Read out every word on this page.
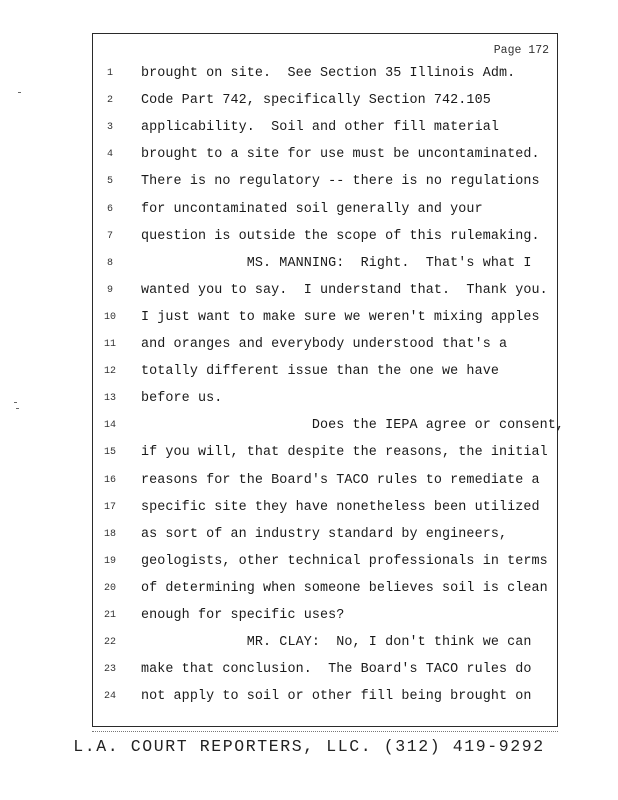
Page 172
1	brought on site.  See Section 35 Illinois Adm.
2	Code Part 742, specifically Section 742.105
3	applicability.  Soil and other fill material
4	brought to a site for use must be uncontaminated.
5	There is no regulatory -- there is no regulations
6	for uncontaminated soil generally and your
7	question is outside the scope of this rulemaking.
8	MS. MANNING:  Right.  That's what I
9	wanted you to say.  I understand that.  Thank you.
10 I just want to make sure we weren't mixing apples
11 and oranges and everybody understood that's a
12 totally different issue than the one we have
13 before us.
14 Does the IEPA agree or consent,
15 if you will, that despite the reasons, the initial
16 reasons for the Board's TACO rules to remediate a
17 specific site they have nonetheless been utilized
18 as sort of an industry standard by engineers,
19 geologists, other technical professionals in terms
20 of determining when someone believes soil is clean
21 enough for specific uses?
22 MR. CLAY:  No, I don't think we can
23 make that conclusion.  The Board's TACO rules do
24 not apply to soil or other fill being brought on
L.A. COURT REPORTERS, LLC. (312) 419-9292
